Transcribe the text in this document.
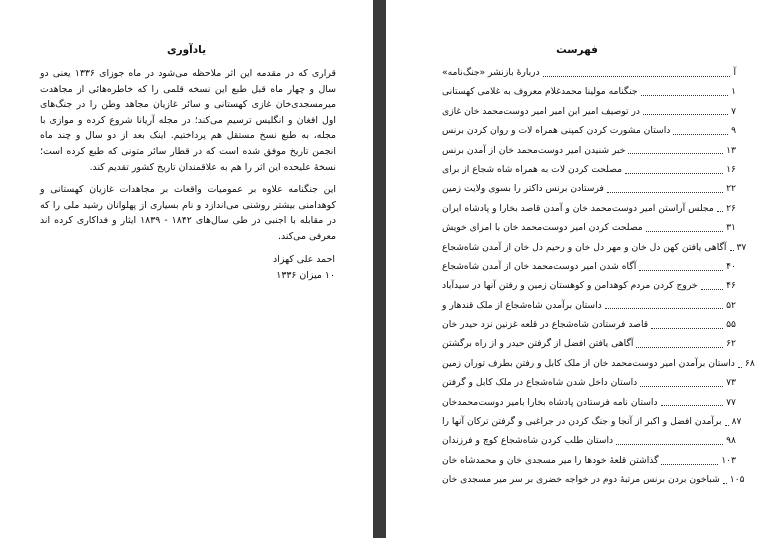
یادآوری

قراری که در مقدمه این اثر ملاحظه می‌شود در ماه جوزای ۱۳۳۶ یعنی دو سال و چهار ماه قبل طبع این نسخه قلمی را که خاطره‌هائی از مجاهدت میرمسجدی‌خان غازی کهستانی و سائر غازیان مجاهد وطن را در جنگ‌های اول افغان و انگلیس ترسیم می‌کند؛ در مجله آریانا شروع کرده و موازی با مجله، به طبع نسخ مستقل هم پرداختیم. اینک بعد از دو سال و چند ماه انجمن تاریخ موفق شده است که در قطار سائر متونی که طبع کرده است؛ نسخهٔ علیحده این اثر را هم به علاقمندان تاریخ کشور تقدیم کند.

این جنگنامه علاوه بر عمومیات واقعات بر مجاهدات غازیان کهستانی و کوهدامنی بیشتر روشنی می‌اندازد و نام بسیاری از پهلوانان رشید ملی را که در مقابله با اجنبی در طی سال‌های ۱۸۴۲ - ۱۸۳۹ ایثار و فداکاری کرده اند معرفی می‌کند.

احمد علی کهزاد
۱۰ میزان ۱۳۳۶
فهرست
دربارهٔ بازنشر «جنگ‌نامه»	آ
جنگنامه مولینا محمدغلام معروف به غلامی کهستانی	۱
در توصیف امیر ابن امیر امیر دوست‌محمد خان غازی	۷
داستان مشورت کردن کمپنی همراه لات و روان کردن برنس	۹
خبر شنیدن امیر دوست‌محمد خان از آمدن برنس	۱۳
مصلحت کردن لات به همراه شاه شجاع از برای	۱۶
فرستادن برنس داکتر را بسوی ولایت زمین	۲۲
مجلس آراستن امیر دوست‌محمد خان و آمدن قاصد بخارا و پادشاه ایران ۲۶
مصلحت کردن امیر دوست‌محمد خان با امرای خویش	۳۱
آگاهی یافتن کهن دل خان و مهر دل خان و رحیم دل خان از آمدن شاه‌شجاع ۳۷
آگاه شدن امیر دوست‌محمد خان از آمدن شاه‌شجاع	۴۰
خروج کردن مردم کوهدامن و کوهستان زمین و رفتن آنها در سیدآباد	۴۶
داستان برآمدن شاه‌شجاع از ملک قندهار و	۵۲
قاصد فرستادن شاه‌شجاع در قلعه غزنین نزد حیدر خان	۵۵
آگاهی یافتن افضل از گرفتن حیدر و از راه برگشتن	۶۲
داستان برآمدن امیر دوست‌محمد خان از ملک کابل و رفتن بطرف توران زمین ۶۸
داستان داخل شدن شاه‌شجاع در ملک کابل و گرفتن	۷۳
داستان نامه فرستادن پادشاه بخارا بامیر دوست‌محمد‌خان	۷۷
برآمدن افضل و اکبر از آنجا و جنگ کردن در جراغبی و گرفتن ترکان آنها را ۸۷
داستان طلب کردن شاه‌شجاع کوچ و فرزندان	۹۸
گذاشتن قلعهٔ خودها را میر مسجدی خان و محمدشاه خان	۱۰۳
شباخون بردن برنس مرتبهٔ دوم در خواجه خضری بر سر میر مسجدی خان ۱۰۵
